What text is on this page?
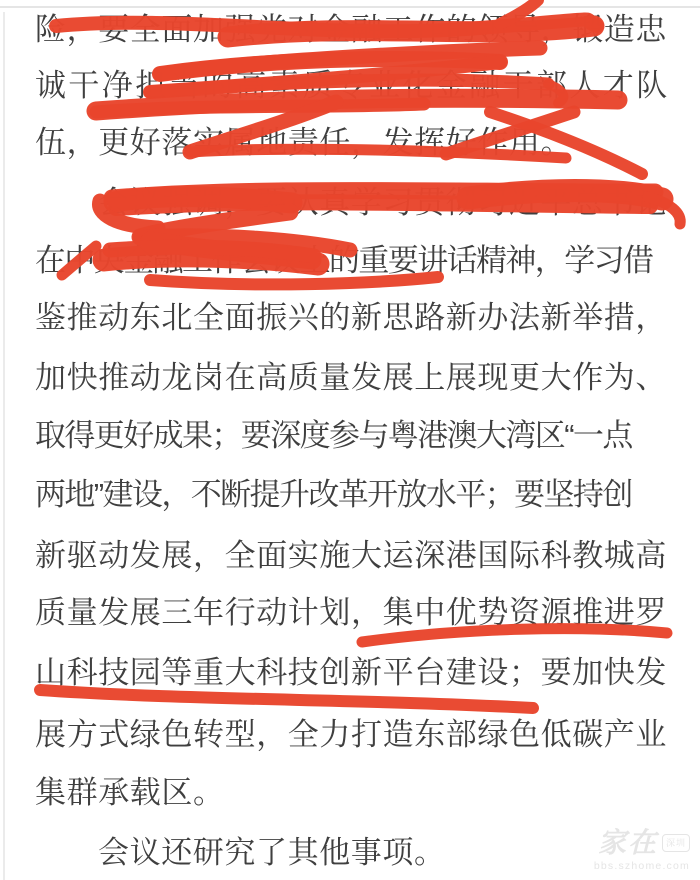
险，要全面加强党对金融工作的领导，锻造忠
诚干净担当的高素质专业化金融干部人才队
伍，更好落实属地责任，发挥好作用。
会议强调，要认真学习贯彻习近平总书记
在中央金融工作会议上的重要讲话精神，学习借
鉴推动东北全面振兴的新思路新办法新举措，
加快推动龙岗在高质量发展上展现更大作为、
取得更好成果；要深度参与粤港澳大湾区“一点
两地”建设，不断提升改革开放水平；要坚持创
新驱动发展，全面实施大运深港国际科教城高
质量发展三年行动计划，集中优势资源推进罗
山科技园等重大科技创新平台建设；要加快发
展方式绿色转型，全力打造东部绿色低碳产业
集群承载区。
会议还研究了其他事项。	家在 深圳
bbs.szhome.com
